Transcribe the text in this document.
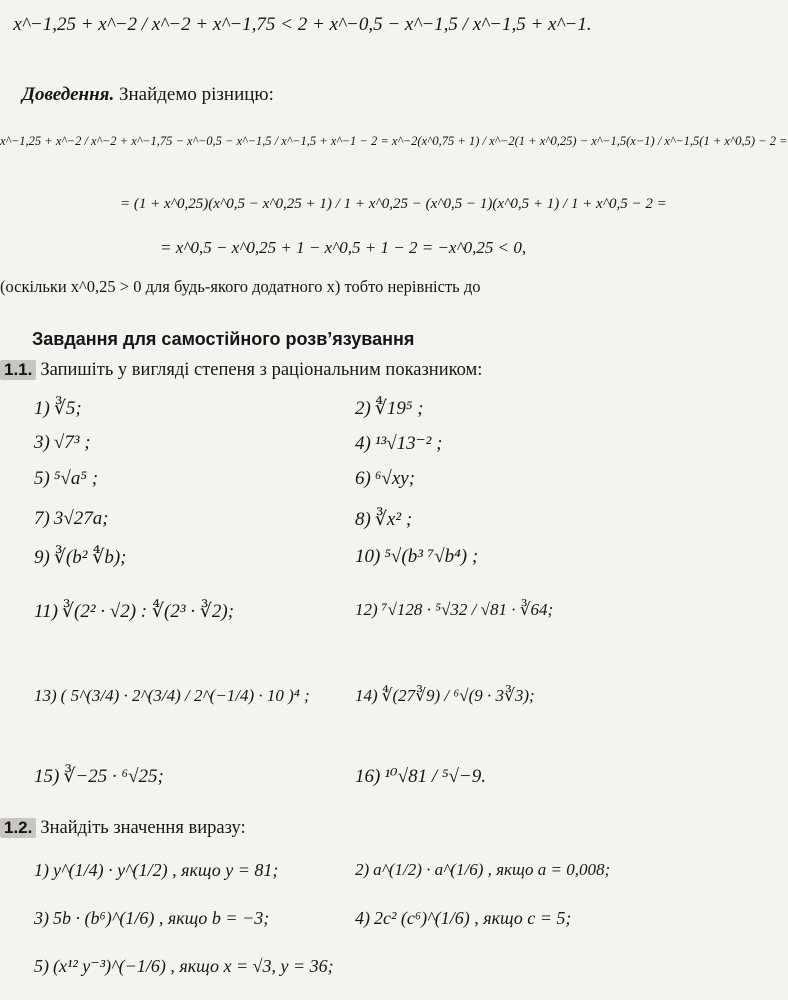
x^−1,25 + x^−2 / x^−2 + x^−1,75 < 2 + x^−0,5 − x^−1,5 / x^−1,5 + x^−1.
Доведення. Знайдемо різницю:
x^−1,25 + x^−2 / x^−2 + x^−1,75 − x^−0,5 − x^−1,5 / x^−1,5 + x^−1 − 2 = x^−2(x^0,75 + 1) / x^−2(1 + x^0,25) − x^−1,5(x−1) / x^−1,5(1 + x^0,5) − 2 =
= (1 + x^0,25)(x^0,5 − x^0,25 + 1) / 1 + x^0,25 − (x^0,5 − 1)(x^0,5 + 1) / 1 + x^0,5 − 2 =
= x^0,5 − x^0,25 + 1 − x^0,5 + 1 − 2 = −x^0,25 < 0,
(оскільки x^0,25 > 0 для будь-якого додатного x) тобто нерівність до
Завдання для самостійного розв’язування
1.1. Запишіть у вигляді степеня з раціональним показником:
1) ∛5;	2) ∜19⁵ ;
3) √7³ ;	4) ¹³√13⁻² ;
5) ⁵√a⁵ ;	6) ⁶√xy;
7) 3√27a;	8) ∛x² ;
9) ∛(b² ∜b);	10) ⁵√(b³ ⁷√b⁴) ;
11) ∛(2² · √2) : ∜(2³ · ∛2);	12) ⁷√128 · ⁵√32 / √81 · ∛64;
13) ( 5^(3/4) · 2^(3/4) / 2^(−1/4) · 10 )⁴ ;	14) ∜(27∛9) / ⁶√(9 · 3∛3);
15) ∛−25 · ⁶√25;	16) ¹⁰√81 / ⁵√−9.
1.2. Знайдіть значення виразу:
1) y^(1/4) · y^(1/2) , якщо y = 81;	2) a^(1/2) · a^(1/6) , якщо a = 0,008;
3) 5b · (b⁶)^(1/6) , якщо b = −3;	4) 2c² (c⁶)^(1/6) , якщо c = 5;
5) (x¹² y⁻³)^(−1/6) , якщо x = √3, y = 36;
